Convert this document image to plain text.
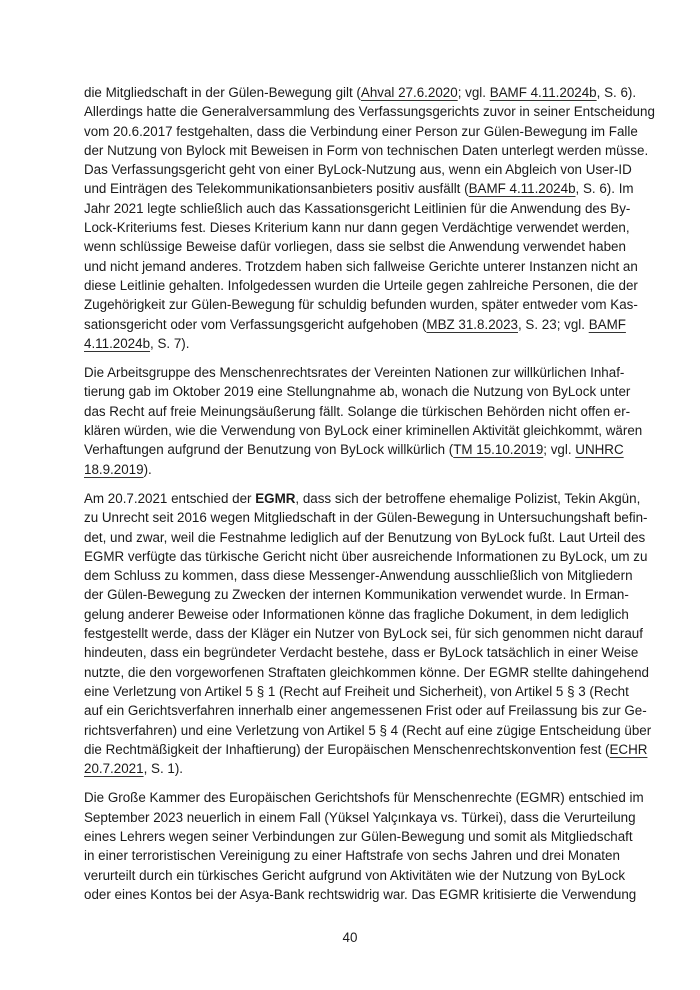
die Mitgliedschaft in der Gülen-Bewegung gilt (Ahval 27.6.2020; vgl. BAMF 4.11.2024b, S. 6).
Allerdings hatte die Generalversammlung des Verfassungsgerichts zuvor in seiner Entscheidung
vom 20.6.2017 festgehalten, dass die Verbindung einer Person zur Gülen-Bewegung im Falle
der Nutzung von Bylock mit Beweisen in Form von technischen Daten unterlegt werden müsse.
Das Verfassungsgericht geht von einer ByLock-Nutzung aus, wenn ein Abgleich von User-ID
und Einträgen des Telekommunikationsanbieters positiv ausfällt (BAMF 4.11.2024b, S. 6). Im
Jahr 2021 legte schließlich auch das Kassationsgericht Leitlinien für die Anwendung des By-
Lock-Kriteriums fest. Dieses Kriterium kann nur dann gegen Verdächtige verwendet werden,
wenn schlüssige Beweise dafür vorliegen, dass sie selbst die Anwendung verwendet haben
und nicht jemand anderes. Trotzdem haben sich fallweise Gerichte unterer Instanzen nicht an
diese Leitlinie gehalten. Infolgedessen wurden die Urteile gegen zahlreiche Personen, die der
Zugehörigkeit zur Gülen-Bewegung für schuldig befunden wurden, später entweder vom Kas-
sationsgericht oder vom Verfassungsgericht aufgehoben (MBZ 31.8.2023, S. 23; vgl. BAMF
4.11.2024b, S. 7).
Die Arbeitsgruppe des Menschenrechtsrates der Vereinten Nationen zur willkürlichen Inhaf-
tierung gab im Oktober 2019 eine Stellungnahme ab, wonach die Nutzung von ByLock unter
das Recht auf freie Meinungsäußerung fällt. Solange die türkischen Behörden nicht offen er-
klären würden, wie die Verwendung von ByLock einer kriminellen Aktivität gleichkommt, wären
Verhaftungen aufgrund der Benutzung von ByLock willkürlich (TM 15.10.2019; vgl. UNHRC
18.9.2019).
Am 20.7.2021 entschied der EGMR, dass sich der betroffene ehemalige Polizist, Tekin Akgün,
zu Unrecht seit 2016 wegen Mitgliedschaft in der Gülen-Bewegung in Untersuchungshaft befin-
det, und zwar, weil die Festnahme lediglich auf der Benutzung von ByLock fußt. Laut Urteil des
EGMR verfügte das türkische Gericht nicht über ausreichende Informationen zu ByLock, um zu
dem Schluss zu kommen, dass diese Messenger-Anwendung ausschließlich von Mitgliedern
der Gülen-Bewegung zu Zwecken der internen Kommunikation verwendet wurde. In Erman-
gelung anderer Beweise oder Informationen könne das fragliche Dokument, in dem lediglich
festgestellt werde, dass der Kläger ein Nutzer von ByLock sei, für sich genommen nicht darauf
hindeuten, dass ein begründeter Verdacht bestehe, dass er ByLock tatsächlich in einer Weise
nutzte, die den vorgeworfenen Straftaten gleichkommen könne. Der EGMR stellte dahingehend
eine Verletzung von Artikel 5 § 1 (Recht auf Freiheit und Sicherheit), von Artikel 5 § 3 (Recht
auf ein Gerichtsverfahren innerhalb einer angemessenen Frist oder auf Freilassung bis zur Ge-
richtsverfahren) und eine Verletzung von Artikel 5 § 4 (Recht auf eine zügige Entscheidung über
die Rechtmäßigkeit der Inhaftierung) der Europäischen Menschenrechtskonvention fest (ECHR
20.7.2021, S. 1).
Die Große Kammer des Europäischen Gerichtshofs für Menschenrechte (EGMR) entschied im
September 2023 neuerlich in einem Fall (Yüksel Yalçınkaya vs. Türkei), dass die Verurteilung
eines Lehrers wegen seiner Verbindungen zur Gülen-Bewegung und somit als Mitgliedschaft
in einer terroristischen Vereinigung zu einer Haftstrafe von sechs Jahren und drei Monaten
verurteilt durch ein türkisches Gericht aufgrund von Aktivitäten wie der Nutzung von ByLock
oder eines Kontos bei der Asya-Bank rechtswidrig war. Das EGMR kritisierte die Verwendung
40
